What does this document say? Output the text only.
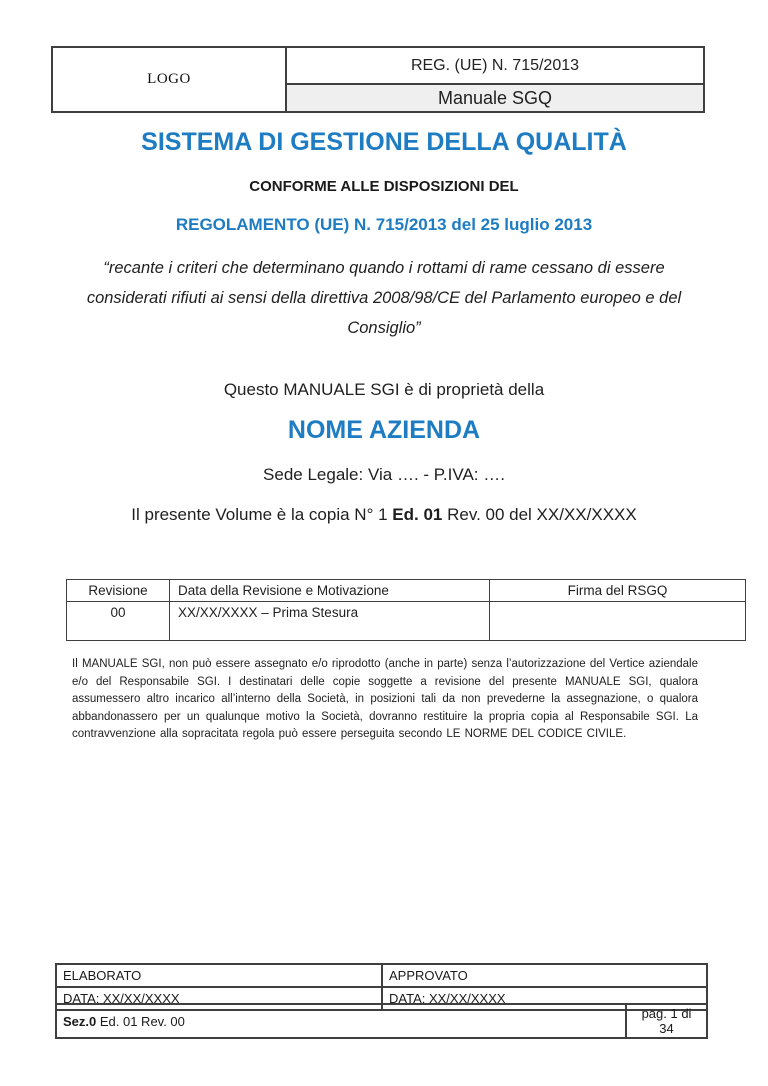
LOGO	REG. (UE) N. 715/2013
Manuale SGQ
SISTEMA DI GESTIONE DELLA QUALITÀ
CONFORME ALLE DISPOSIZIONI DEL
REGOLAMENTO (UE) N. 715/2013 del 25 luglio 2013
“recante i criteri che determinano quando i rottami di rame cessano di essere considerati rifiuti ai sensi della direttiva 2008/98/CE del Parlamento europeo e del Consiglio”
Questo MANUALE SGI è di proprietà della
NOME AZIENDA
Sede Legale: Via …. - P.IVA: ….
Il presente Volume è la copia N° 1 Ed. 01 Rev. 00 del XX/XX/XXXX
Revisione	Data della Revisione e Motivazione	Firma del RSGQ
00	XX/XX/XXXX – Prima Stesura	
Il MANUALE SGI, non può essere assegnato e/o riprodotto (anche in parte) senza l’autorizzazione del Vertice aziendale e/o del Responsabile SGI. I destinatari delle copie soggette a revisione del presente MANUALE SGI, qualora assumessero altro incarico all’interno della Società, in posizioni tali da non prevederne la assegnazione, o qualora abbandonassero per un qualunque motivo la Società, dovranno restituire la propria copia al Responsabile SGI. La contravvenzione alla sopracitata regola può essere perseguita secondo LE NORME DEL CODICE CIVILE.
ELABORATO	APPROVATO
DATA: XX/XX/XXXX	DATA: XX/XX/XXXX
Sez.0 Ed. 01 Rev. 00	pag. 1 di 34
